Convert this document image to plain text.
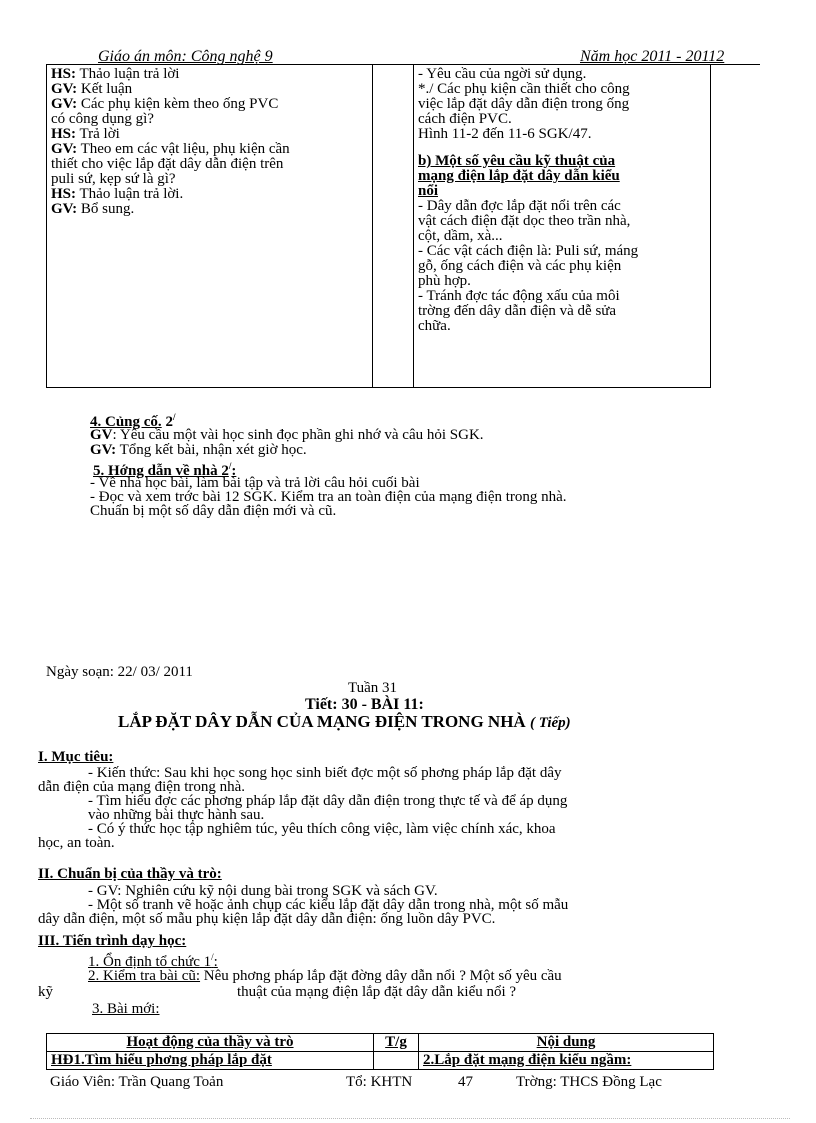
Giáo án môn: Công nghệ 9	Năm học 2011 - 20112
HS: Thảo luận trả lời
GV: Kết luận
GV: Các phụ kiện kèm theo ống PVC
có công dụng gì?
HS: Trả lời
GV: Theo em các vật liệu, phụ kiện cần
thiết cho việc lắp đặt dây dẫn điện trên
puli sứ, kẹp sứ là gì?
HS: Thảo luận trả lời.
GV: Bổ sung.

- Yêu cầu của ngời sử dụng.
*./ Các phụ kiện cần thiết cho công
việc lắp đặt dây dẫn điện trong ống
cách điện PVC.
Hình 11-2 đến 11-6 SGK/47.
b) Một số yêu cầu kỹ thuật của
mạng điện lắp đặt dây dẫn kiểu
nổi
- Dây dẫn đợc lắp đặt nổi trên các
vật cách điện đặt dọc theo trần nhà,
cột, dầm, xà...
- Các vật cách điện là: Puli sứ, máng
gỗ, ống cách điện và các phụ kiện
phù hợp.
- Tránh đợc tác động xấu của môi
trờng đến dây dẫn điện và dễ sửa
chữa.
4. Củng cố. 2/
GV: Yêu cầu một vài học sinh đọc phần ghi nhớ và câu hỏi SGK.
GV: Tổng kết bài, nhận xét giờ học.
5. Hớng dẫn về nhà 2/:
- Về nhà học bài, làm bài tập và trả lời câu hỏi cuối bài
- Đọc và xem trớc bài 12 SGK. Kiểm tra an toàn điện của mạng điện trong nhà.
Chuẩn bị một số dây dẫn điện mới và cũ.
Ngày soạn: 22/ 03/ 2011
Tuần 31
Tiết: 30 - BÀI 11:
LẮP ĐẶT DÂY DẪN CỦA MẠNG ĐIỆN TRONG NHÀ ( Tiếp)
I. Mục tiêu:
- Kiến thức: Sau khi học song học sinh biết đợc một số phơng pháp lắp đặt dây
dẫn điện của mạng điện trong nhà.
- Tìm hiểu đợc các phơng pháp lắp đặt dây dẫn điện trong thực tế và để áp dụng
vào những bài thực hành sau.
- Có ý thức học tập nghiêm túc, yêu thích công việc, làm việc chính xác, khoa
học, an toàn.
II. Chuẩn bị của thầy và trò:
- GV: Nghiên cứu kỹ nội dung bài trong SGK và sách GV.
- Một số tranh vẽ hoặc ảnh chụp các kiểu lắp đặt dây dẫn trong nhà, một số mẫu
dây dẫn điện, một số mẫu phụ kiện lắp đặt dây dẫn điện: ống luồn dây PVC.
III. Tiến trình dạy học:
1. Ổn định tổ chức 1/:
2. Kiểm tra bài cũ: Nêu phơng pháp lắp đặt đờng dây dẫn nổi ? Một số yêu cầu
kỹ	thuật của mạng điện lắp đặt dây dẫn kiểu nổi ?
3. Bài mới:
Hoạt động của thầy và trò	T/g	Nội dung
HĐ1.Tìm hiểu phơng pháp lắp đặt		2.Lắp đặt mạng điện kiểu ngầm:
Giáo Viên: Trần Quang Toản	Tổ: KHTN	47	Trờng: THCS Đồng Lạc
